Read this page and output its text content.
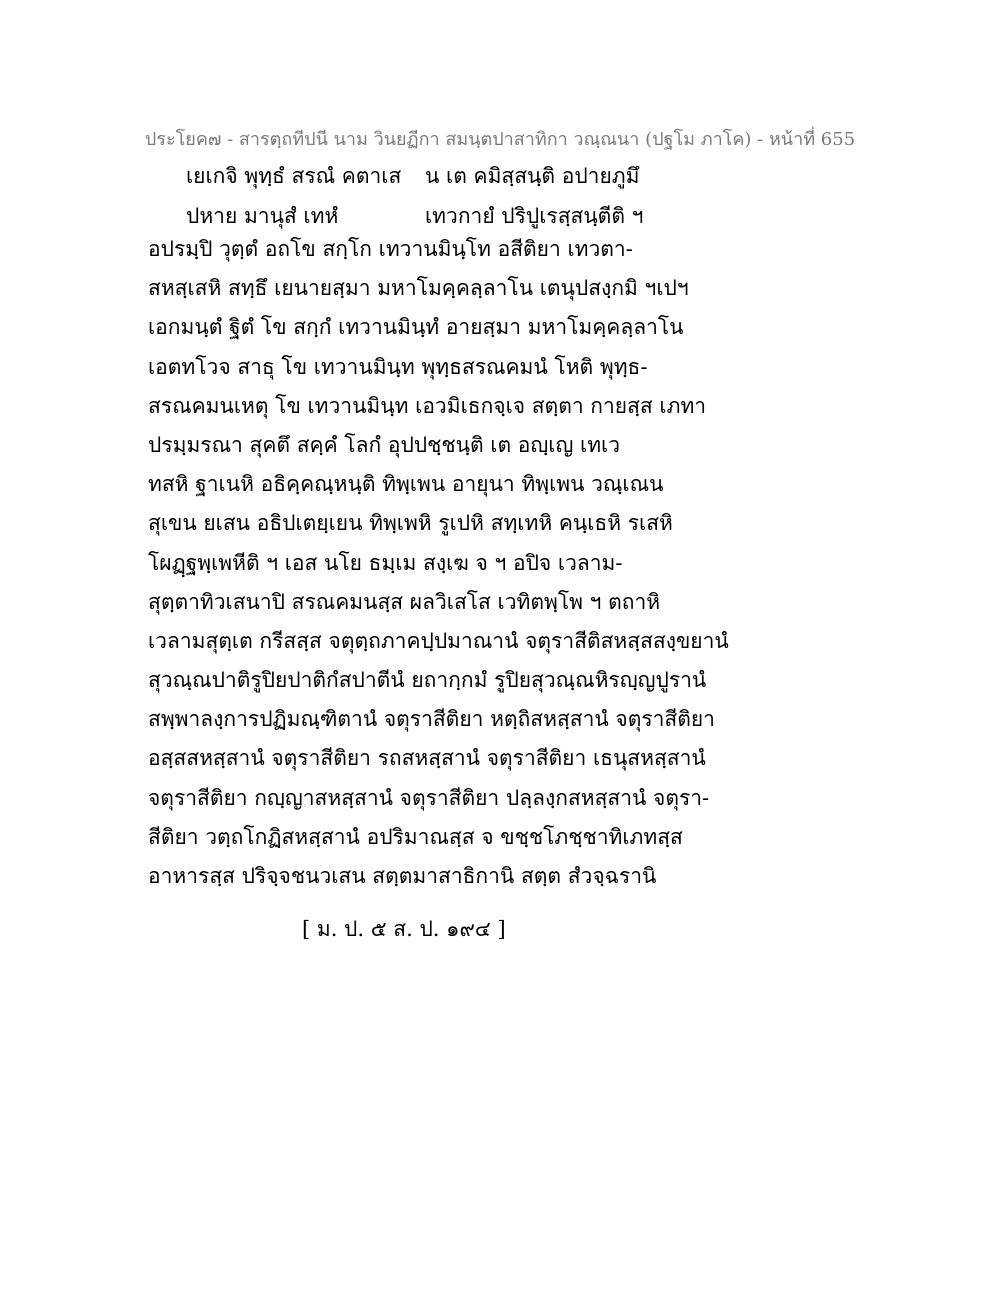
ประโยค๗ - สารตฺถทีปนี นาม วินยฏีกา สมนฺตปาสาทิกา วณฺณนา (ปฐโม ภาโค) - หน้าที่ 655
เยเกจิ พุทฺธํ สรณํ คตาเส น เต คมิสฺสนฺติ อปายภูมึ
ปหาย มานุสํ เทหํ	เทวกายํ ปริปูเรสฺสนฺตีติ ฯ
อปรมฺปิ วุตฺตํ อถโข สกฺโก เทวานมินฺโท อสีติยา เทวตา-
สหสฺเสหิ สทฺธึ เยนายสฺมา มหาโมคฺคลฺลาโน เตนุปสงฺกมิ ฯเปฯ
เอกมนฺตํ ฐิตํ โข สกฺกํ เทวานมินฺทํ อายสฺมา มหาโมคฺคลฺลาโน
เอตทโวจ สาธุ โข เทวานมินฺท พุทฺธสรณคมนํ โหติ พุทฺธ-
สรณคมนเหตุ โข เทวานมินฺท เอวมิเธกจฺเจ สตฺตา กายสฺส เภทา
ปรมฺมรณา สุคตึ สคฺคํ โลกํ อุปปชฺชนฺติ เต อญฺเญ เทเว
ทสหิ ฐาเนหิ อธิคฺคณฺหนฺติ ทิพฺเพน อายุนา ทิพฺเพน วณฺเณน
สุเขน ยเสน อธิปเตยฺเยน ทิพฺเพหิ รูเปหิ สทฺเทหิ คนฺเธหิ รเสหิ
โผฏฺฐพฺเพหีติ ฯ เอส นโย ธมฺเม สงฺเฆ จ ฯ อปิจ เวลาม-
สุตฺตาทิวเสนาปิ สรณคมนสฺส ผลวิเสโส เวทิตพฺโพ ฯ ตถาหิ
เวลามสุตฺเต กรีสสฺส จตุตฺถภาคปฺปมาณานํ จตุราสีติสหสฺสสงฺขยานํ
สุวณฺณปาติรูปิยปาติกํสปาตีนํ ยถากฺกมํ รูปิยสุวณฺณหิรญฺญปูรานํ
สพฺพาลงฺการปฏิมณฺฑิตานํ จตุราสีติยา หตฺถิสหสฺสานํ จตุราสีติยา
อสฺสสหสฺสานํ จตุราสีติยา รถสหสฺสานํ จตุราสีติยา เธนุสหสฺสานํ
จตุราสีติยา กญฺญาสหสฺสานํ จตุราสีติยา ปลฺลงฺกสหสฺสานํ จตุรา-
สีติยา วตฺถโกฏิสหสฺสานํ อปริมาณสฺส จ ขชฺชโภชฺชาทิเภทสฺส
อาหารสฺส ปริจฺจชนวเสน สตฺตมาสาธิกานิ สตฺต สํวจฺฉรานิ
[ ม. ป. ๕ ส. ป. ๑๙๔ ]
